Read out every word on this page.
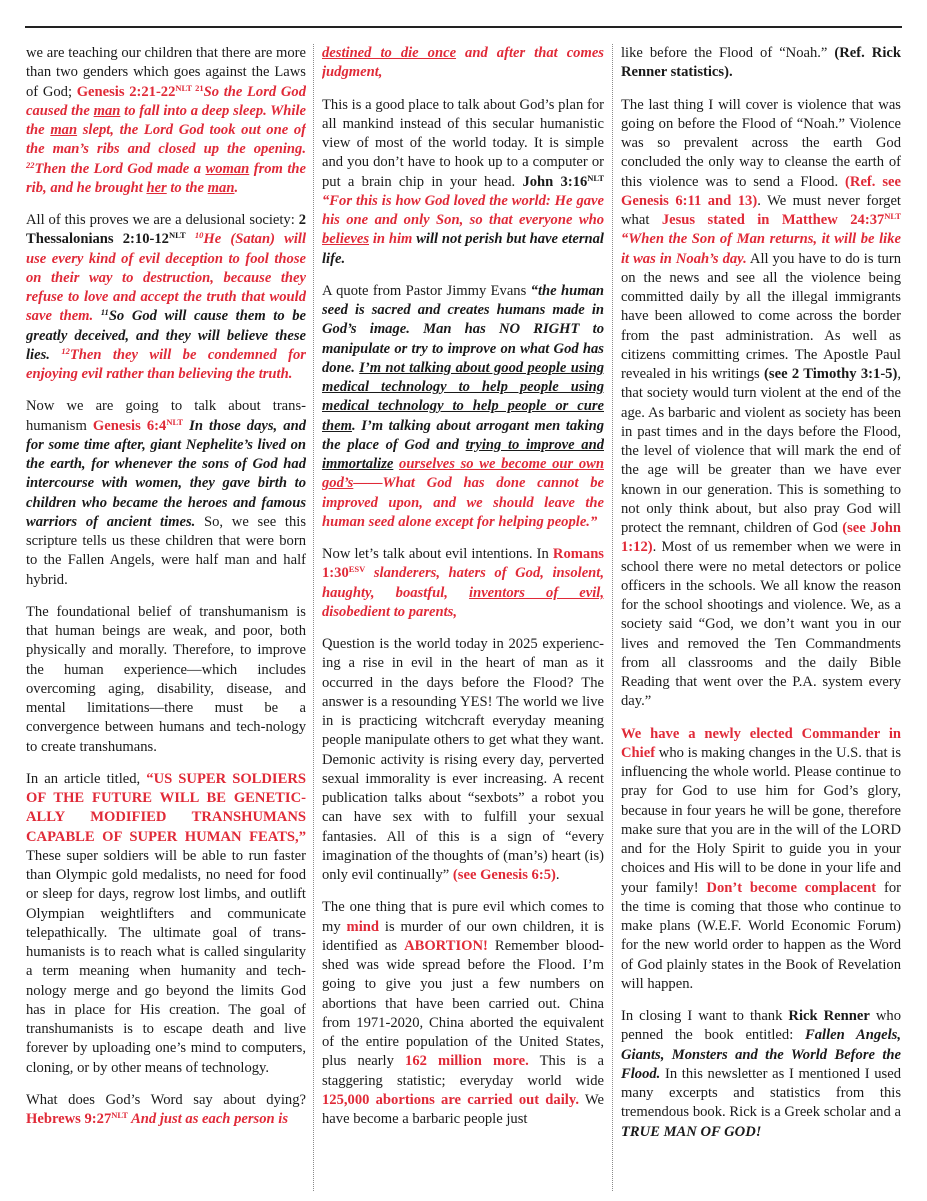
we are teaching our children that there are more than two genders which goes against the Laws of God; Genesis $2:21-22^{NLT 21}So$ the Lord God caused the man to fall into a deep sleep. While the man slept, the Lord God took out one of the man’s ribs and closed up the opening. $^{22}$Then the Lord God made a woman from the rib, and he brought her to the man.

All of this proves we are a delusional society: 2 Thessalonians $2:10-12^{NLT}$ $^{10}$He (Satan) will use every kind of evil deception to fool those on their way to destruction, because they refuse to love and accept the truth that would save them. $^{11}$So God will cause them to be greatly deceived, and they will believe these lies. $^{12}$Then they will be condemned for enjoying evil rather than believing the truth.

Now we are going to talk about trans-humanism Genesis $6:4^{NLT}$ In those days, and for some time after, giant Nephelite’s lived on the earth, for whenever the sons of God had intercourse with women, they gave birth to children who became the heroes and famous warriors of ancient times. So, we see this scripture tells us these children that were born to the Fallen Angels, were half man and half hybrid.

The foundational belief of transhumanism is that human beings are weak, and poor, both physically and morally. Therefore, to improve the human experience—which includes overcoming aging, disability, disease, and mental limitations—there must be a convergence between humans and tech-nology to create transhumans.

In an article titled, “US SUPER SOLDIERS OF THE FUTURE WILL BE GENETIC-ALLY MODIFIED TRANSHUMANS CAPABLE OF SUPER HUMAN FEATS,” These super soldiers will be able to run faster than Olympic gold medalists, no need for food or sleep for days, regrow lost limbs, and outlift Olympian weightlifters and communicate telepathically. The ultimate goal of trans-humanists is to reach what is called singularity a term meaning when humanity and tech-nology merge and go beyond the limits God has in place for His creation. The goal of transhumanists is to escape death and live forever by uploading one’s mind to computers, cloning, or by other means of technology.

What does God’s Word say about dying? Hebrews $9:27^{NLT}$ And just as each person is

destined to die once and after that comes judgment,

This is a good place to talk about God’s plan for all mankind instead of this secular humanistic view of most of the world today. It is simple and you don’t have to hook up to a computer or put a brain chip in your head. John $3:16^{NLT}$ “For this is how God loved the world: He gave his one and only Son, so that everyone who believes in him will not perish but have eternal life.

A quote from Pastor Jimmy Evans “the human seed is sacred and creates humans made in God’s image. Man has NO RIGHT to manipulate or try to improve on what God has done. I’m not talking about good people using medical technology to help people using medical technology to help people or cure them. I’m talking about arrogant men taking the place of God and trying to improve and immortalize ourselves so we become our own god’s——What God has done cannot be improved upon, and we should leave the human seed alone except for helping people.”

Now let’s talk about evil intentions. In Romans $1:30^{ESV}$ slanderers, haters of God, insolent, haughty, boastful, inventors of evil, disobedient to parents,

Question is the world today in 2025 experienc-ing a rise in evil in the heart of man as it occurred in the days before the Flood? The answer is a resounding YES! The world we live in is practicing witchcraft everyday meaning people manipulate others to get what they want. Demonic activity is rising every day, perverted sexual immorality is ever increasing. A recent publication talks about “sexbots” a robot you can have sex with to fulfill your sexual fantasies. All of this is a sign of “every imagination of the thoughts of (man’s) heart (is) only evil continually” (see Genesis 6:5).

The one thing that is pure evil which comes to my mind is murder of our own children, it is identified as ABORTION! Remember blood-shed was wide spread before the Flood. I’m going to give you just a few numbers on abortions that have been carried out. China from 1971-2020, China aborted the equivalent of the entire population of the United States, plus nearly 162 million more. This is a staggering statistic; everyday world wide 125,000 abortions are carried out daily. We have become a barbaric people just

like before the Flood of “Noah.” (Ref. Rick Renner statistics).

The last thing I will cover is violence that was going on before the Flood of “Noah.” Violence was so prevalent across the earth God concluded the only way to cleanse the earth of this violence was to send a Flood. (Ref. see Genesis 6:11 and 13). We must never forget what Jesus stated in Matthew $24:37^{NLT}$ “When the Son of Man returns, it will be like it was in Noah’s day. All you have to do is turn on the news and see all the violence being committed daily by all the illegal immigrants have been allowed to come across the border from the past administration. As well as citizens committing crimes. The Apostle Paul revealed in his writings (see 2 Timothy 3:1-5), that society would turn violent at the end of the age. As barbaric and violent as society has been in past times and in the days before the Flood, the level of violence that will mark the end of the age will be greater than we have ever known in our generation. This is something to not only think about, but also pray God will protect the remnant, children of God (see John 1:12). Most of us remember when we were in school there were no metal detectors or police officers in the schools. We all know the reason for the school shootings and violence. We, as a society said “God, we don’t want you in our lives and removed the Ten Commandments from all classrooms and the daily Bible Reading that went over the P.A. system every day.”

We have a newly elected Commander in Chief who is making changes in the U.S. that is influencing the whole world. Please continue to pray for God to use him for God’s glory, because in four years he will be gone, therefore make sure that you are in the will of the LORD and for the Holy Spirit to guide you in your choices and His will to be done in your life and your family! Don’t become complacent for the time is coming that those who continue to make plans (W.E.F. World Economic Forum) for the new world order to happen as the Word of God plainly states in the Book of Revelation will happen.

In closing I want to thank Rick Renner who penned the book entitled: Fallen Angels, Giants, Monsters and the World Before the Flood. In this newsletter as I mentioned I used many excerpts and statistics from this tremendous book. Rick is a Greek scholar and a TRUE MAN OF GOD!
